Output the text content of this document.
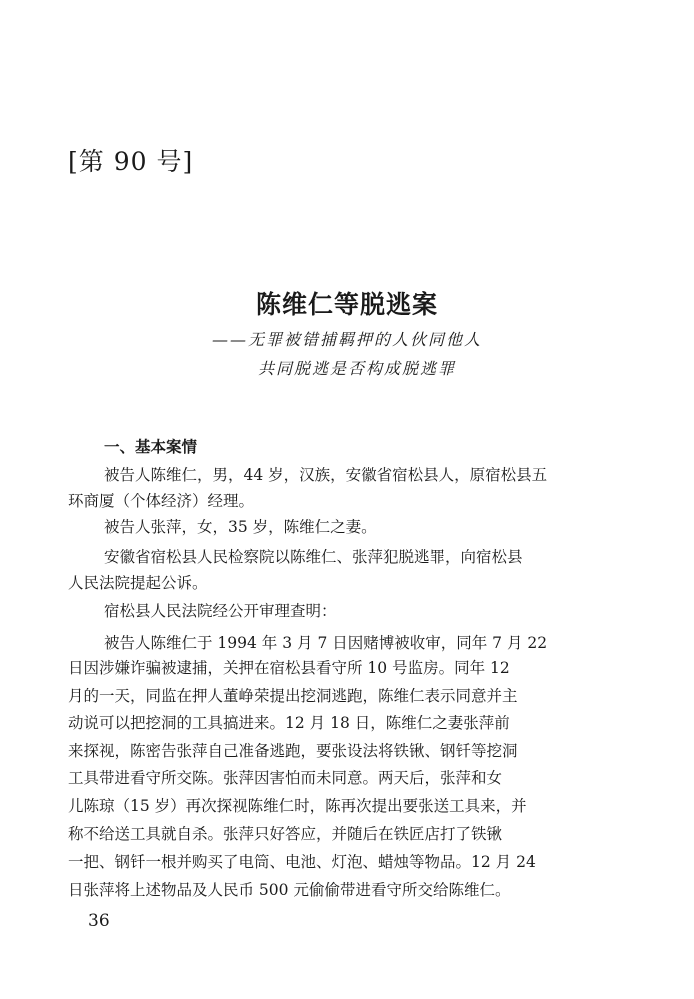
[第 90 号]
陈维仁等脱逃案
——无罪被错捕羁押的人伙同他人
共同脱逃是否构成脱逃罪
一、基本案情
被告人陈维仁，男，44 岁，汉族，安徽省宿松县人，原宿松县五
环商厦（个体经济）经理。
被告人张萍，女，35 岁，陈维仁之妻。
安徽省宿松县人民检察院以陈维仁、张萍犯脱逃罪，向宿松县
人民法院提起公诉。
宿松县人民法院经公开审理查明：
被告人陈维仁于 1994 年 3 月 7 日因赌博被收审，同年 7 月 22
日因涉嫌诈骗被逮捕，关押在宿松县看守所 10 号监房。同年 12
月的一天，同监在押人董峥荣提出挖洞逃跑，陈维仁表示同意并主
动说可以把挖洞的工具搞进来。12 月 18 日，陈维仁之妻张萍前
来探视，陈密告张萍自己准备逃跑，要张设法将铁锹、钢钎等挖洞
工具带进看守所交陈。张萍因害怕而未同意。两天后，张萍和女
儿陈琼（15 岁）再次探视陈维仁时，陈再次提出要张送工具来，并
称不给送工具就自杀。张萍只好答应，并随后在铁匠店打了铁锹
一把、钢钎一根并购买了电筒、电池、灯泡、蜡烛等物品。12 月 24
日张萍将上述物品及人民币 500 元偷偷带进看守所交给陈维仁。
36
